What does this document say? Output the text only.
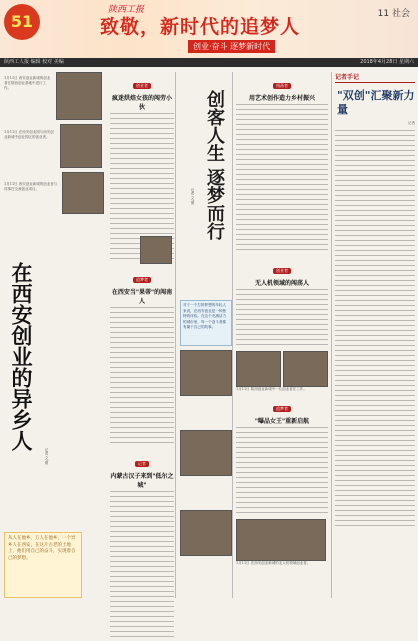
51
陕西工报
致敬，新时代的追梦人
创业·奋斗 逐梦新时代
11 社会
陕西工人报 编辑 校对 美编	2018年4月28日 星期六
1月11日 西安创业新城的创业者在陕西创业基地中进行工作。
1月11日 在西安创业园与西安创业新城中创业园区的创业者。
1月11日 西安创业新城的创业者与同事在交流创业项目。
在西安创业的异乡人
记者 文/图
从人在他乡，万人在他乡，一个异乡人在西安。在这片古老的土地上，他们用自己的奋斗，实现着自己的梦想。
创业者
疯迷烘焙女孩的闯劳小伙
追梦者
在西安当"果蒂"的闯南人
记者
内蒙古汉子来到"低尔之城"
创客人生 逐梦而行
记者 文/图
对于一个打拼梦想的年轻人来说，在西安创业是一种独特的体验。在这个充满活力的城市里，每一个奋斗者都有属于自己的故事。
闯荡者
用艺术创作造力乡村振兴
创业者
无人机领域的闯荡人
1月11日 陕西创业新城中一位创业者在工作。
追梦者
"曝品女王"重新启航
1月11日 在西安创业新城的无人机领域创业者。
记者手记
"双创"汇聚新力量
记者
